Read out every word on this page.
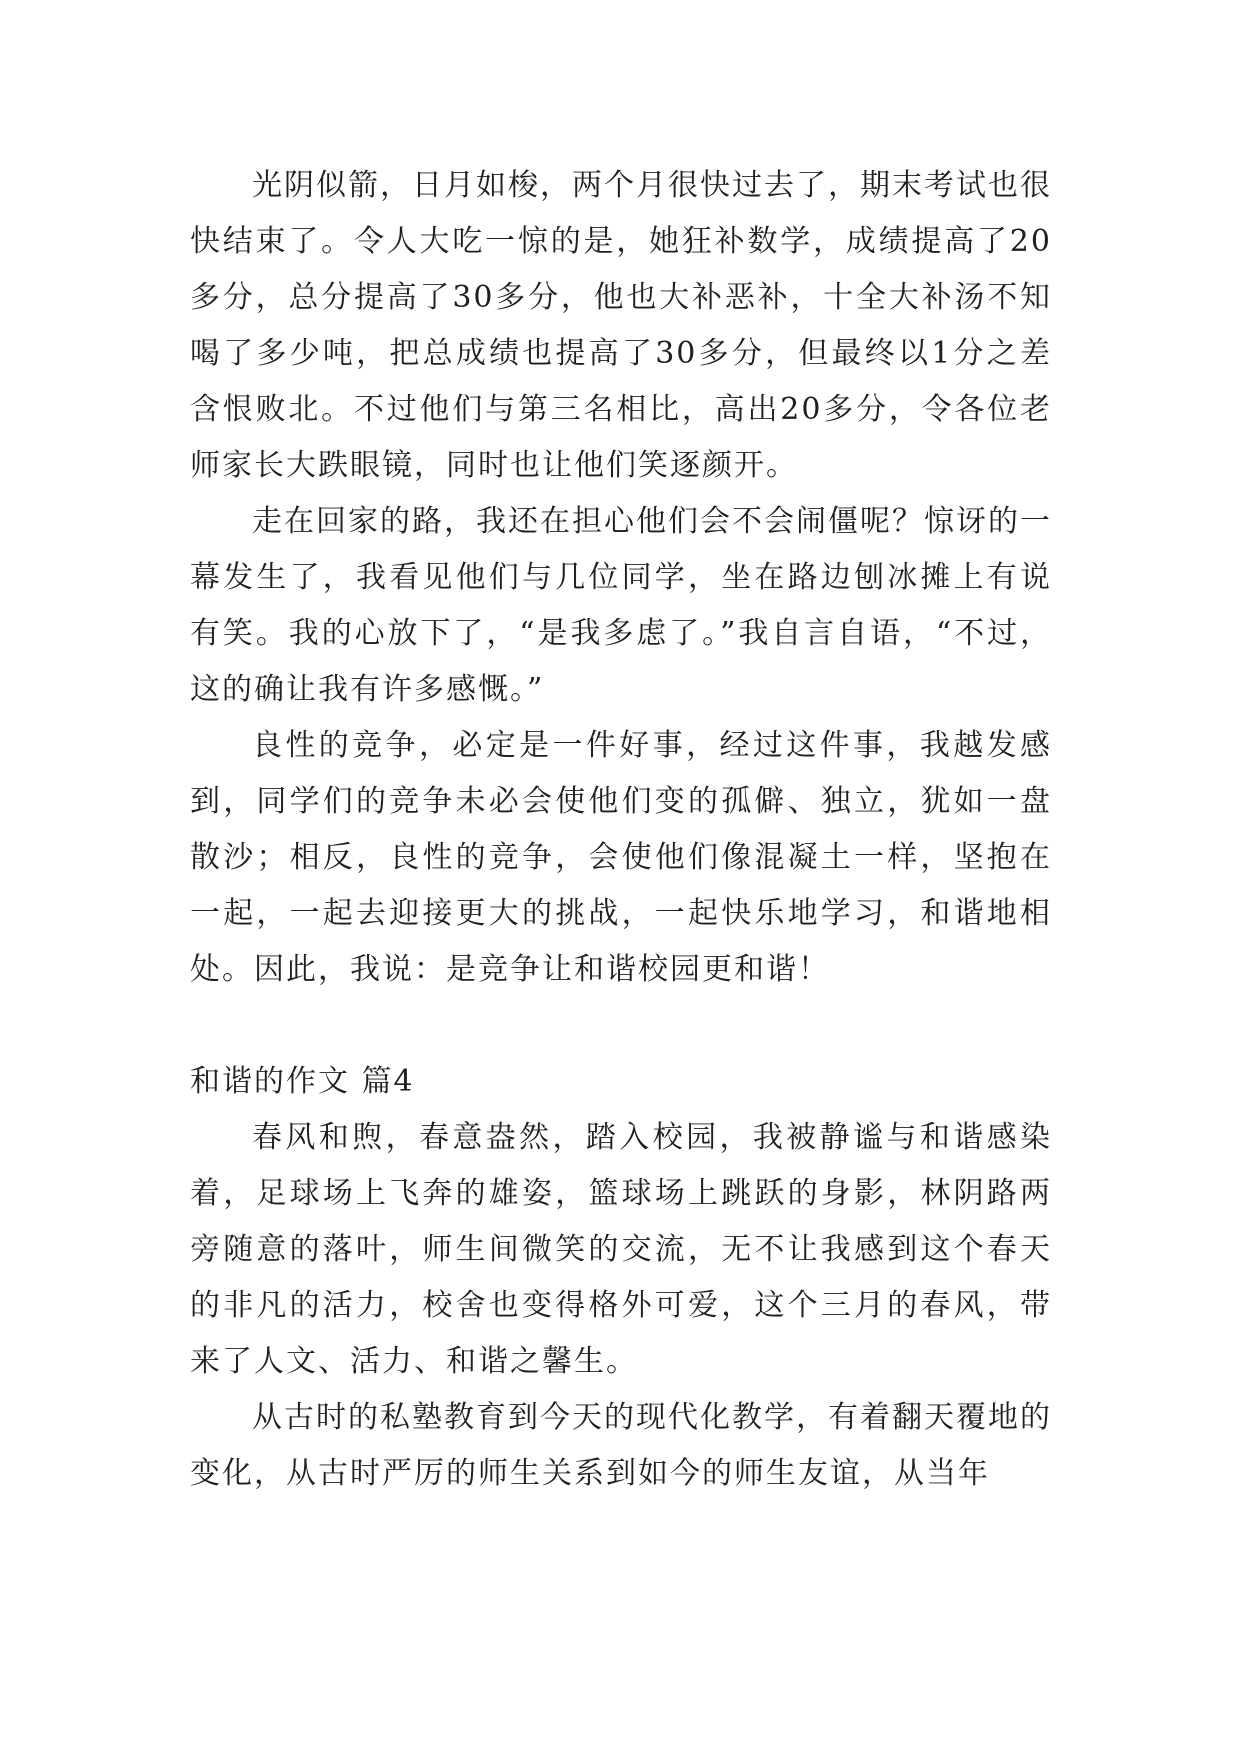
光阴似箭，日月如梭，两个月很快过去了，期末考试也很快结束了。令人大吃一惊的是，她狂补数学，成绩提高了20多分，总分提高了30多分，他也大补恶补，十全大补汤不知喝了多少吨，把总成绩也提高了30多分，但最终以1分之差含恨败北。不过他们与第三名相比，高出20多分，令各位老师家长大跌眼镜，同时也让他们笑逐颜开。

走在回家的路，我还在担心他们会不会闹僵呢？惊讶的一幕发生了，我看见他们与几位同学，坐在路边刨冰摊上有说有笑。我的心放下了，“是我多虑了。”我自言自语，“不过，这的确让我有许多感慨。”

良性的竞争，必定是一件好事，经过这件事，我越发感到，同学们的竞争未必会使他们变的孤僻、独立，犹如一盘散沙；相反，良性的竞争，会使他们像混凝土一样，坚抱在一起，一起去迎接更大的挑战，一起快乐地学习，和谐地相处。因此，我说：是竞争让和谐校园更和谐！

和谐的作文 篇4

春风和煦，春意盎然，踏入校园，我被静谧与和谐感染着，足球场上飞奔的雄姿，篮球场上跳跃的身影，林阴路两旁随意的落叶，师生间微笑的交流，无不让我感到这个春天的非凡的活力，校舍也变得格外可爱，这个三月的春风，带来了人文、活力、和谐之馨生。

从古时的私塾教育到今天的现代化教学，有着翻天覆地的变化，从古时严厉的师生关系到如今的师生友谊，从当年
